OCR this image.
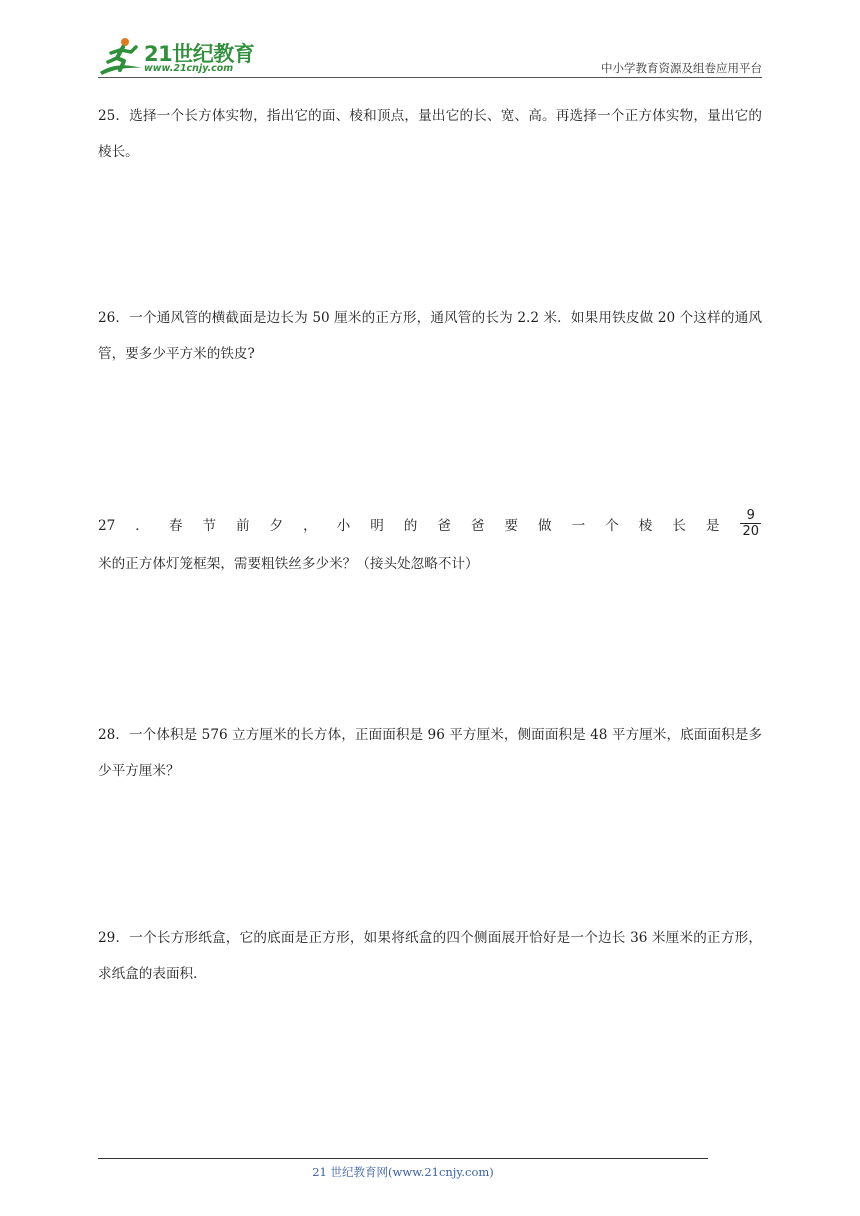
21世纪教育
www.21cnjy.com	中小学教育资源及组卷应用平台

25．选择一个长方体实物，指出它的面、棱和顶点，量出它的长、宽、高。再选择一个正方体实物，量出它的棱长。

26．一个通风管的横截面是边长为 50 厘米的正方形，通风管的长为 2.2 米．如果用铁皮做 20 个这样的通风管，要多少平方米的铁皮?

27．春节前夕，小明的爸爸要做一个棱长是 $\frac{9}{20}$
米的正方体灯笼框架，需要粗铁丝多少米？（接头处忽略不计）

28．一个体积是 576 立方厘米的长方体，正面面积是 96 平方厘米，侧面面积是 48 平方厘米，底面面积是多少平方厘米？

29．一个长方形纸盒，它的底面是正方形，如果将纸盒的四个侧面展开恰好是一个边长 36 米厘米的正方形，求纸盒的表面积．

21 世纪教育网(www.21cnjy.com)
